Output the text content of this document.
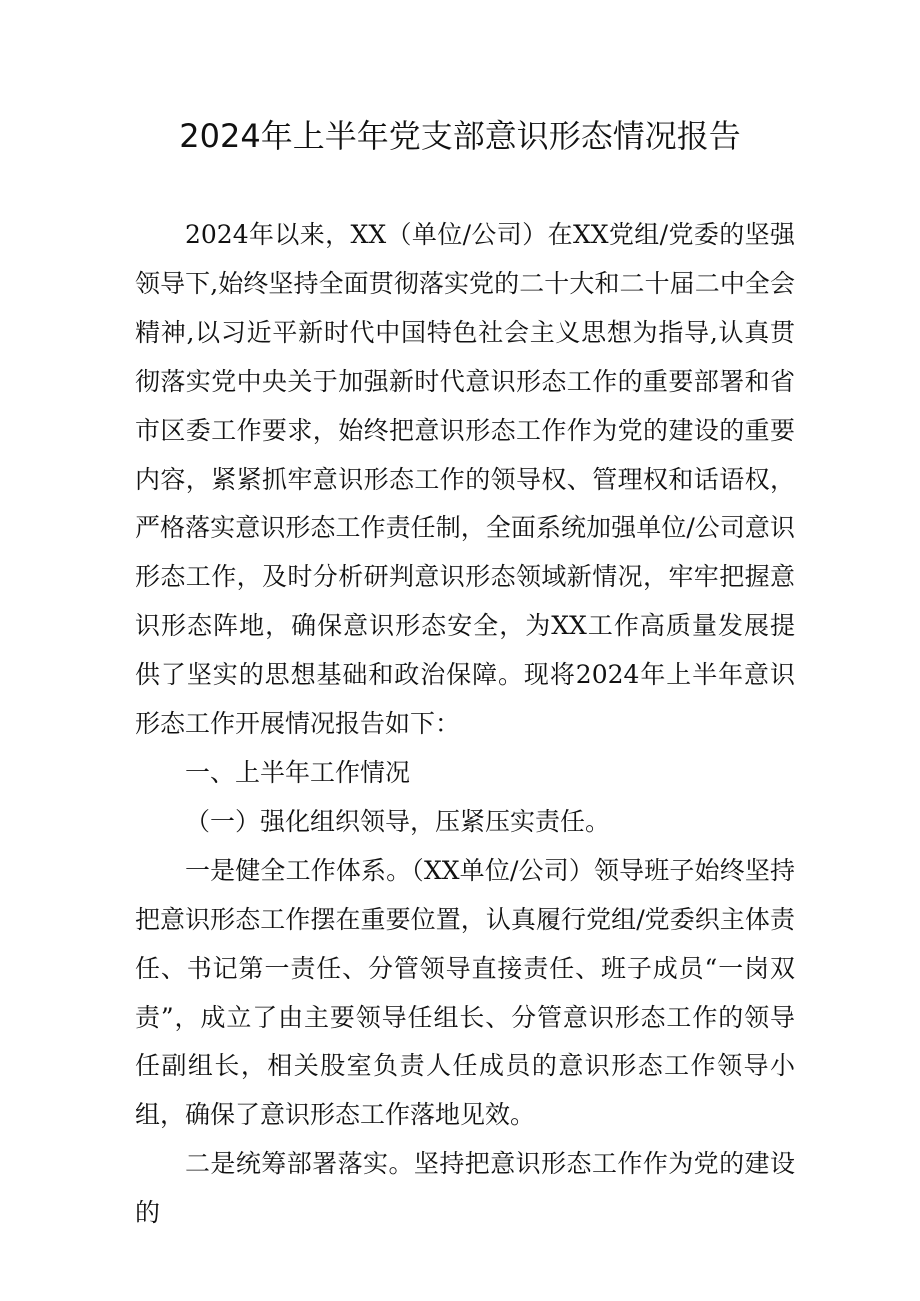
2024年上半年党支部意识形态情况报告

2024年以来，XX（单位/公司）在XX党组/党委的坚强领导下,始终坚持全面贯彻落实党的二十大和二十届二中全会精神,以习近平新时代中国特色社会主义思想为指导,认真贯彻落实党中央关于加强新时代意识形态工作的重要部署和省市区委工作要求，始终把意识形态工作作为党的建设的重要内容，紧紧抓牢意识形态工作的领导权、管理权和话语权，严格落实意识形态工作责任制，全面系统加强单位/公司意识形态工作，及时分析研判意识形态领域新情况，牢牢把握意识形态阵地，确保意识形态安全，为XX工作高质量发展提供了坚实的思想基础和政治保障。现将2024年上半年意识形态工作开展情况报告如下：

一、上半年工作情况

（一）强化组织领导，压紧压实责任。

一是健全工作体系。（XX单位/公司）领导班子始终坚持把意识形态工作摆在重要位置，认真履行党组/党委织主体责任、书记第一责任、分管领导直接责任、班子成员“一岗双责”，成立了由主要领导任组长、分管意识形态工作的领导任副组长，相关股室负责人任成员的意识形态工作领导小组，确保了意识形态工作落地见效。

二是统筹部署落实。坚持把意识形态工作作为党的建设的
